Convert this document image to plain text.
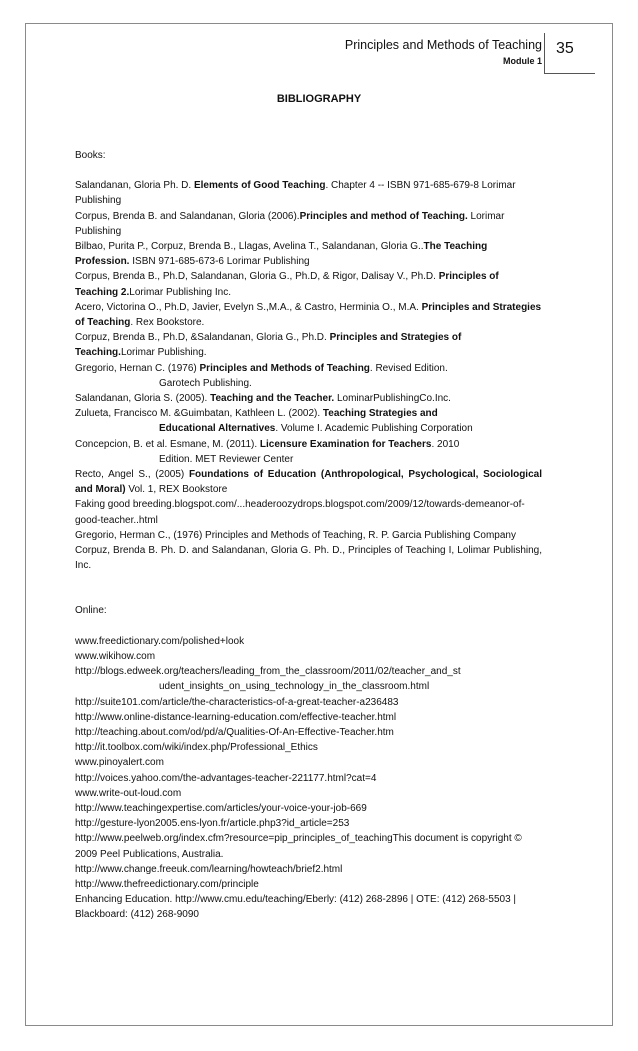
Principles and Methods of Teaching
Module 1
35
BIBLIOGRAPHY
Books:
Salandanan, Gloria Ph. D. Elements of Good Teaching. Chapter 4 -- ISBN 971-685-679-8 Lorimar Publishing
Corpus, Brenda B. and Salandanan, Gloria (2006).Principles and method of Teaching. Lorimar Publishing
Bilbao, Purita P., Corpuz, Brenda B., Llagas, Avelina T., Salandanan, Gloria G..The Teaching Profession. ISBN 971-685-673-6 Lorimar Publishing
Corpus, Brenda B., Ph.D, Salandanan, Gloria G., Ph.D, & Rigor, Dalisay V., Ph.D. Principles of Teaching 2.Lorimar Publishing Inc.
Acero, Victorina O., Ph.D, Javier, Evelyn S.,M.A., & Castro, Herminia O., M.A. Principles and Strategies of Teaching. Rex Bookstore.
Corpuz, Brenda B., Ph.D, &Salandanan, Gloria G., Ph.D. Principles and Strategies of Teaching.Lorimar Publishing.
Gregorio, Hernan C. (1976) Principles and Methods of Teaching. Revised Edition.
Garotech Publishing.
Salandanan, Gloria S. (2005). Teaching and the Teacher. LominarPublishingCo.Inc.
Zulueta, Francisco M. &Guimbatan, Kathleen L. (2002). Teaching Strategies and
Educational Alternatives. Volume I. Academic Publishing Corporation
Concepcion, B. et al. Esmane, M. (2011). Licensure Examination for Teachers. 2010
Edition. MET Reviewer Center
Recto, Angel S., (2005) Foundations of Education (Anthropological, Psychological, Sociological and Moral) Vol. 1, REX Bookstore
Faking good breeding.blogspot.com/...headeroozydrops.blogspot.com/2009/12/towards-demeanor-of-good-teacher..html
Gregorio, Herman C., (1976) Principles and Methods of Teaching, R. P. Garcia Publishing Company
Corpuz, Brenda B. Ph. D. and Salandanan, Gloria G. Ph. D., Principles of Teaching I, Lolimar Publishing, Inc.
Online:
www.freedictionary.com/polished+look
www.wikihow.com
http://blogs.edweek.org/teachers/leading_from_the_classroom/2011/02/teacher_and_st
udent_insights_on_using_technology_in_the_classroom.html
http://suite101.com/article/the-characteristics-of-a-great-teacher-a236483
http://www.online-distance-learning-education.com/effective-teacher.html
http://teaching.about.com/od/pd/a/Qualities-Of-An-Effective-Teacher.htm
http://it.toolbox.com/wiki/index.php/Professional_Ethics
www.pinoyalert.com
http://voices.yahoo.com/the-advantages-teacher-221177.html?cat=4
www.write-out-loud.com
http://www.teachingexpertise.com/articles/your-voice-your-job-669
http://gesture-lyon2005.ens-lyon.fr/article.php3?id_article=253
http://www.peelweb.org/index.cfm?resource=pip_principles_of_teachingThis document is copyright © 2009 Peel Publications, Australia.
http://www.change.freeuk.com/learning/howteach/brief2.html
http://www.thefreedictionary.com/principle
Enhancing Education. http://www.cmu.edu/teaching/Eberly: (412) 268-2896 | OTE: (412) 268-5503 | Blackboard: (412) 268-9090
